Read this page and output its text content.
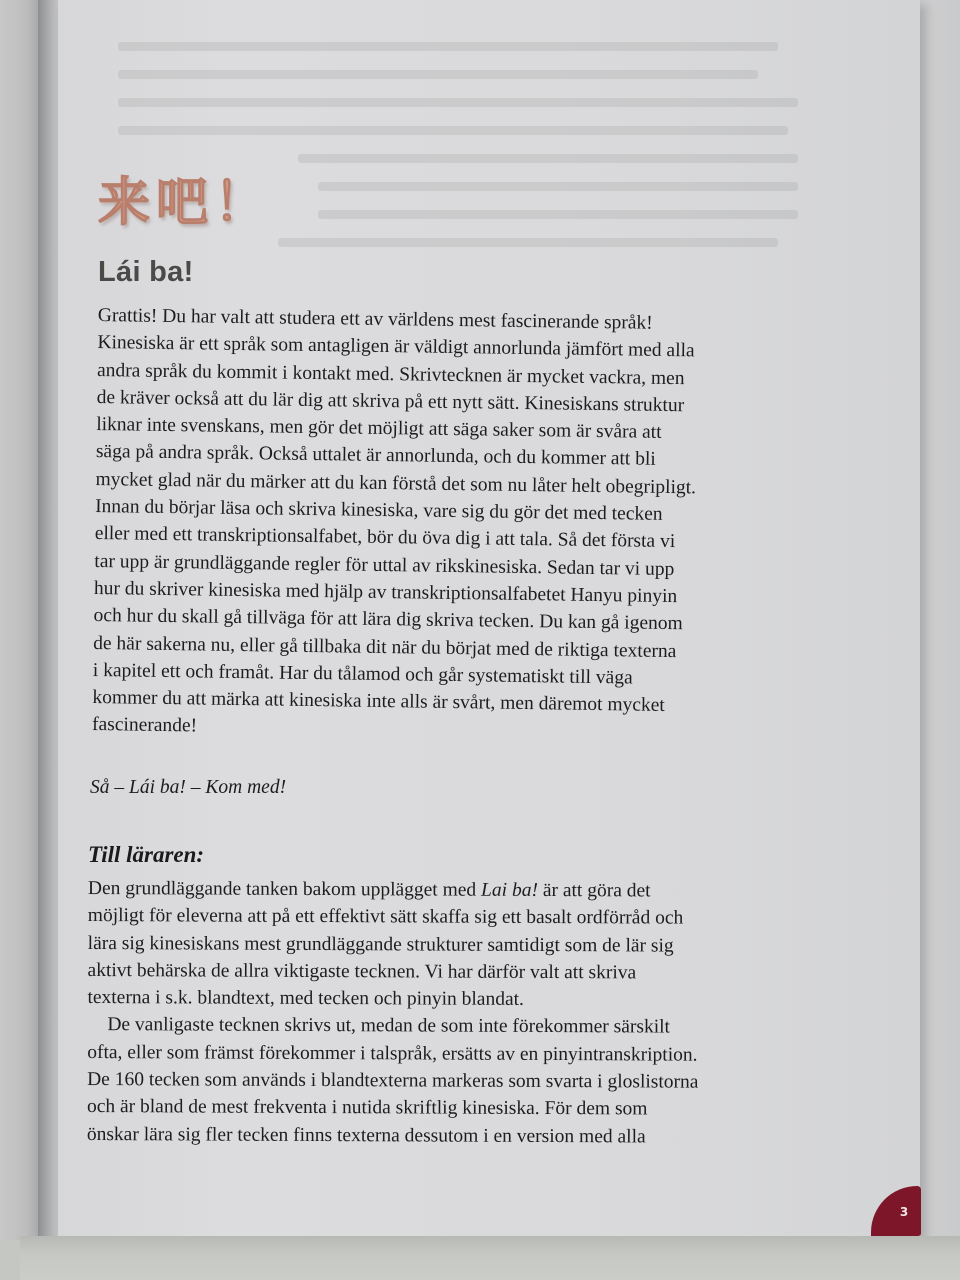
3
来吧！
Lái ba!
Grattis! Du har valt att studera ett av världens mest fascinerande språk!
Kinesiska är ett språk som antagligen är väldigt annorlunda jämfört med alla
andra språk du kommit i kontakt med. Skrivtecknen är mycket vackra, men
de kräver också att du lär dig att skriva på ett nytt sätt. Kinesiskans struktur
liknar inte svenskans, men gör det möjligt att säga saker som är svåra att
säga på andra språk. Också uttalet är annorlunda, och du kommer att bli
mycket glad när du märker att du kan förstå det som nu låter helt obegripligt.
Innan du börjar läsa och skriva kinesiska, vare sig du gör det med tecken
eller med ett transkriptionsalfabet, bör du öva dig i att tala. Så det första vi
tar upp är grundläggande regler för uttal av rikskinesiska. Sedan tar vi upp
hur du skriver kinesiska med hjälp av transkriptionsalfabetet Hanyu pinyin
och hur du skall gå tillväga för att lära dig skriva tecken. Du kan gå igenom
de här sakerna nu, eller gå tillbaka dit när du börjat med de riktiga texterna
i kapitel ett och framåt. Har du tålamod och går systematiskt till väga
kommer du att märka att kinesiska inte alls är svårt, men däremot mycket
fascinerande!
Så – Lái ba! – Kom med!
Till läraren:
Den grundläggande tanken bakom upplägget med Lai ba! är att göra det
möjligt för eleverna att på ett effektivt sätt skaffa sig ett basalt ordförråd och
lära sig kinesiskans mest grundläggande strukturer samtidigt som de lär sig
aktivt behärska de allra viktigaste tecknen. Vi har därför valt att skriva
texterna i s.k. blandtext, med tecken och pinyin blandat.
De vanligaste tecknen skrivs ut, medan de som inte förekommer särskilt
ofta, eller som främst förekommer i talspråk, ersätts av en pinyintranskription.
De 160 tecken som används i blandtexterna markeras som svarta i gloslistorna
och är bland de mest frekventa i nutida skriftlig kinesiska. För dem som
önskar lära sig fler tecken finns texterna dessutom i en version med alla
